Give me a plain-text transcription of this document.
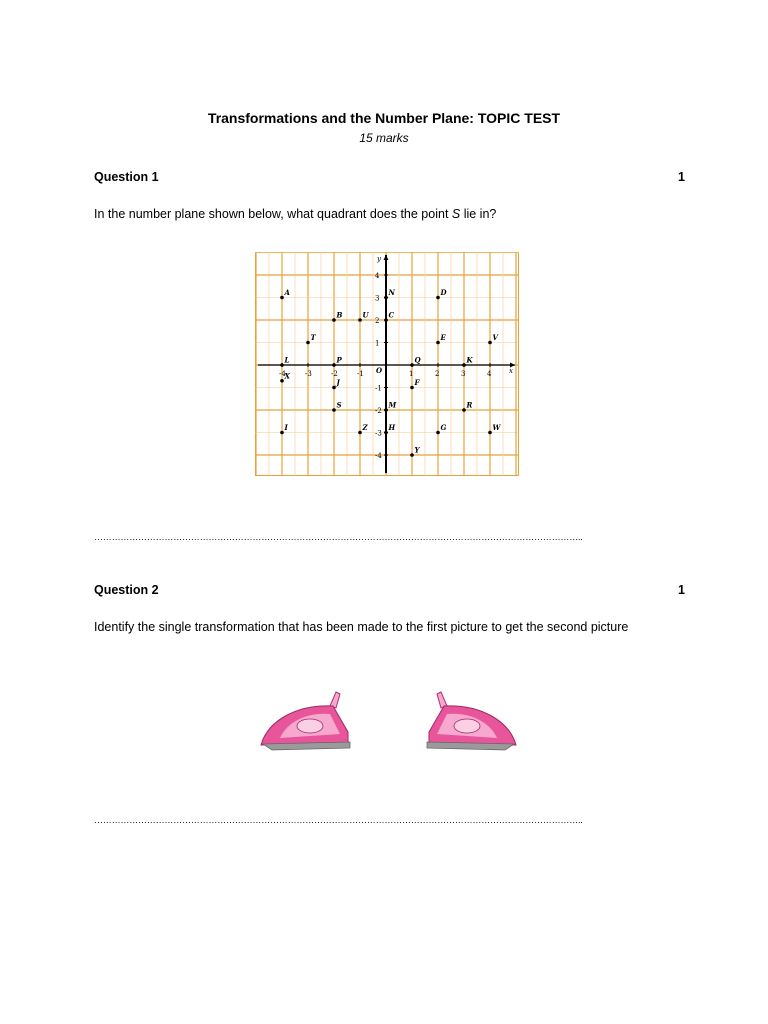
Transformations and the Number Plane: TOPIC TEST
15 marks
Question 1	1
In the number plane shown below, what quadrant does the point S lie in?
x
y
O
-4	-3	-2	-1	1	2	3	4
4
3
2
1
-1
-2
-3
-4
A	N	D
B	U	C
T	E	V
L	P	Q	K
X
J	F
S	M	R
I	Z	H	G	W
Y
…………………………………………………………………………………………………………………………………………………..
Question 2	1
Identify the single transformation that has been made to the first picture to get the second picture
…………………………………………………………………………………………………………………………………………………..
